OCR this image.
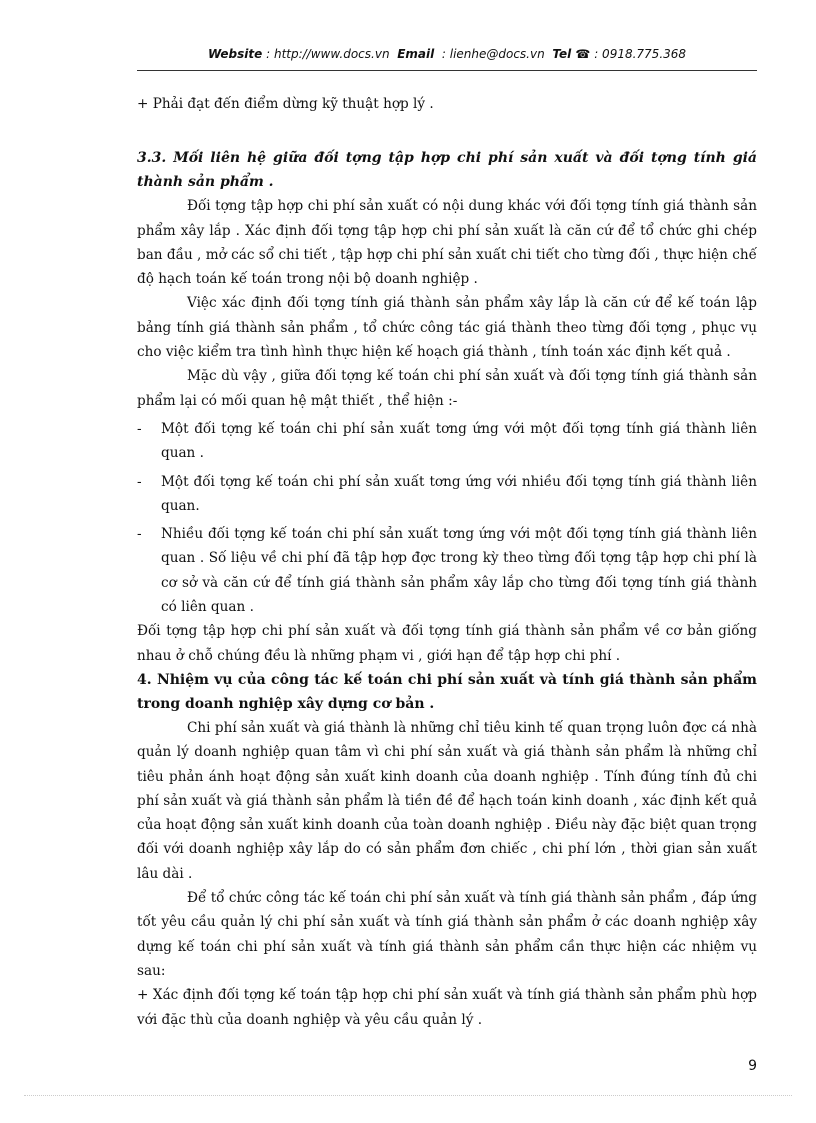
Website : http://www.docs.vn Email : lienhe@docs.vn Tel ☎ : 0918.775.368

+ Phải đạt đến điểm dừng kỹ thuật hợp lý .

3.3. Mối liên hệ giữa đối tợng tập hợp chi phí sản xuất và đối tợng tính giá thành sản phẩm .

Đối tợng tập hợp chi phí sản xuất có nội dung khác với đối tợng tính giá thành sản phẩm xây lắp . Xác định đối tợng tập hợp chi phí sản xuất là căn cứ để tổ chức ghi chép ban đầu , mở các sổ chi tiết , tập hợp chi phí sản xuất chi tiết cho từng đối , thực hiện chế độ hạch toán kế toán trong nội bộ doanh nghiệp .

Việc xác định đối tợng tính giá thành sản phẩm xây lắp là căn cứ để kế toán lập bảng tính giá thành sản phẩm , tổ chức công tác giá thành theo từng đối tợng , phục vụ cho việc kiểm tra tình hình thực hiện kế hoạch giá thành , tính toán xác định kết quả .

Mặc dù vậy , giữa đối tợng kế toán chi phí sản xuất và đối tợng tính giá thành sản phẩm lại có mối quan hệ mật thiết , thể hiện :-

- Một đối tợng kế toán chi phí sản xuất tơng ứng với một đối tợng tính giá thành liên quan .
- Một đối tợng kế toán chi phí sản xuất tơng ứng với nhiều đối tợng tính giá thành liên quan.
- Nhiều đối tợng kế toán chi phí sản xuất tơng ứng với một đối tợng tính giá thành liên quan . Số liệu về chi phí đã tập hợp đợc trong kỳ theo từng đối tợng tập hợp chi phí là cơ sở và căn cứ để tính giá thành sản phẩm xây lắp cho từng đối tợng tính giá thành có liên quan .

Đối tợng tập hợp chi phí sản xuất và đối tợng tính giá thành sản phẩm về cơ bản giống nhau ở chỗ chúng đều là những phạm vi , giới hạn để tập hợp chi phí .

4. Nhiệm vụ của công tác kế toán chi phí sản xuất và tính giá thành sản phẩm trong doanh nghiệp xây dựng cơ bản .

Chi phí sản xuất và giá thành là những chỉ tiêu kinh tế quan trọng luôn đợc cá nhà quản lý doanh nghiệp quan tâm vì chi phí sản xuất và giá thành sản phẩm là những chỉ tiêu phản ánh hoạt động sản xuất kinh doanh của doanh nghiệp . Tính đúng tính đủ chi phí sản xuất và giá thành sản phẩm là tiền đề để hạch toán kinh doanh , xác định kết quả của hoạt động sản xuất kinh doanh của toàn doanh nghiệp . Điều này đặc biệt quan trọng đối với doanh nghiệp xây lắp do có sản phẩm đơn chiếc , chi phí lớn , thời gian sản xuất lâu dài .

Để tổ chức công tác kế toán chi phí sản xuất và tính giá thành sản phẩm , đáp ứng tốt yêu cầu quản lý chi phí sản xuất và tính giá thành sản phẩm ở các doanh nghiệp xây dựng kế toán chi phí sản xuất và tính giá thành sản phẩm cần thực hiện các nhiệm vụ sau:

+ Xác định đối tợng kế toán tập hợp chi phí sản xuất và tính giá thành sản phẩm phù hợp với đặc thù của doanh nghiệp và yêu cầu quản lý .

9
